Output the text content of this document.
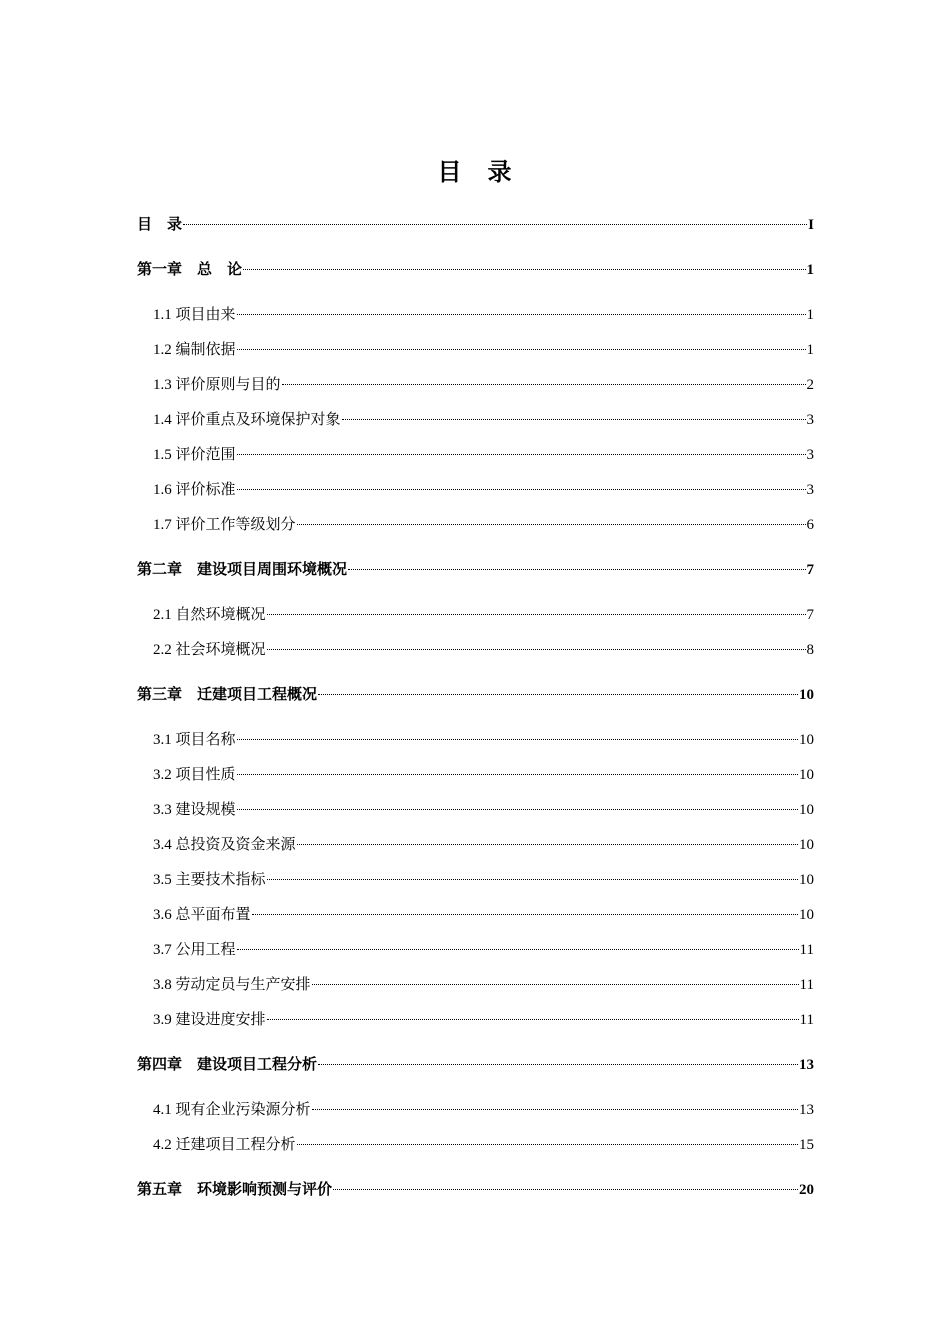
目　录
目　录	I
第一章　总　论	1
1.1 项目由来	1
1.2 编制依据	1
1.3 评价原则与目的	2
1.4 评价重点及环境保护对象	3
1.5 评价范围	3
1.6 评价标准	3
1.7 评价工作等级划分	6
第二章　建设项目周围环境概况	7
2.1 自然环境概况	7
2.2 社会环境概况	8
第三章　迁建项目工程概况	10
3.1 项目名称	10
3.2 项目性质	10
3.3 建设规模	10
3.4 总投资及资金来源	10
3.5 主要技术指标	10
3.6 总平面布置	10
3.7 公用工程	11
3.8 劳动定员与生产安排	11
3.9 建设进度安排	11
第四章　建设项目工程分析	13
4.1 现有企业污染源分析	13
4.2 迁建项目工程分析	15
第五章　环境影响预测与评价	20
